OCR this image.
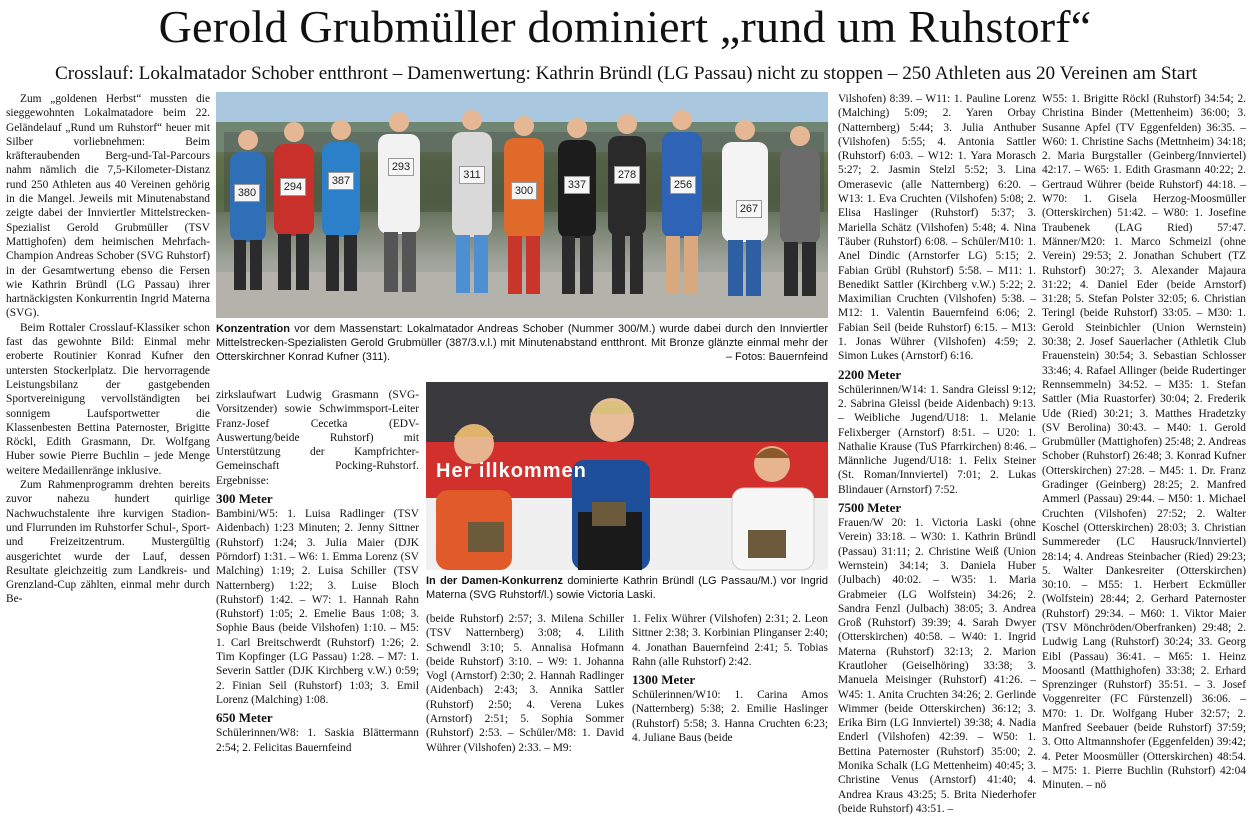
Gerold Grubmüller dominiert „rund um Ruhstorf“
Crosslauf: Lokalmatador Schober entthront – Damenwertung: Kathrin Bründl (LG Passau) nicht zu stoppen – 250 Athleten aus 20 Vereinen am Start

Zum „goldenen Herbst“ mussten die sieggewohnten Lokalmatadore beim 22. Geländelauf „Rund um Ruhstorf“ heuer mit Silber vorliebnehmen: Beim kräfteraubenden Berg-und-Tal-Parcours nahm nämlich die 7,5-Kilometer-Distanz rund 250 Athleten aus 40 Vereinen gehörig in die Mangel. Jeweils mit Minutenabstand zeigte dabei der Innviertler Mittelstrecken-Spezialist Gerold Grubmüller (TSV Mattighofen) dem heimischen Mehrfach-Champion Andreas Schober (SVG Ruhstorf) in der Gesamtwertung ebenso die Fersen wie Kathrin Bründl (LG Passau) ihrer hartnäckigsten Konkurrentin Ingrid Materna (SVG).

Beim Rottaler Crosslauf-Klassiker schon fast das gewohnte Bild: Einmal mehr eroberte Routinier Konrad Kufner den untersten Stockerlplatz. Die hervorragende Leistungsbilanz der gastgebenden Sportvereinigung vervollständigten bei sonnigem Laufsportwetter die Klassenbesten Bettina Paternoster, Brigitte Röckl, Edith Grasmann, Dr. Wolfgang Huber sowie Pierre Buchlin – jede Menge weitere Medaillenränge inklusive.

Zum Rahmenprogramm drehten bereits zuvor nahezu hundert quirlige Nachwuchstalente ihre kurvigen Stadion- und Flurrunden im Ruhstorfer Schul-, Sport- und Freizeitzentrum. Mustergültig ausgerichtet wurde der Lauf, dessen Resultate gleichzeitig zum Landkreis- und Grenzland-Cup zählten, einmal mehr durch Be-

380	294	387
293
311
300	337
278
256
267
Konzentration vor dem Massenstart: Lokalmatador Andreas Schober (Nummer 300/M.) wurde dabei durch den Innviertler Mittelstrecken-Spezialisten Gerold Grubmüller (387/3.v.l.) mit Minutenabstand entthront. Mit Bronze glänzte einmal mehr der Otterskirchner Konrad Kufner (311).	– Fotos: Bauernfeind

zirkslaufwart Ludwig Grasmann (SVG-Vorsitzender) sowie Schwimmsport-Leiter Franz-Josef Cecetka (EDV-Auswertung/beide Ruhstorf) mit Unterstützung der Kampfrichter-Gemeinschaft Pocking-Ruhstorf. Ergebnisse:

300 Meter

Bambini/W5: 1. Luisa Radlinger (TSV Aidenbach) 1:23 Minuten; 2. Jenny Sittner (Ruhstorf) 1:24; 3. Julia Maier (DJK Pörndorf) 1:31. – W6: 1. Emma Lorenz (SV Malching) 1:19; 2. Luisa Schiller (TSV Natternberg) 1:22; 3. Luise Bloch (Ruhstorf) 1:42. – W7: 1. Hannah Rahn (Ruhstorf) 1:05; 2. Emelie Baus 1:08; 3. Sophie Baus (beide Vilshofen) 1:10. – M5: 1. Carl Breitschwerdt (Ruhstorf) 1:26; 2. Tim Kopfinger (LG Passau) 1:28. – M7: 1. Severin Sattler (DJK Kirchberg v.W.) 0:59; 2. Finian Seil (Ruhstorf) 1:03; 3. Emil Lorenz (Malching) 1:08.

650 Meter

Schülerinnen/W8: 1. Saskia Blättermann 2:54; 2. Felicitas Bauernfeind

Her illkommen
In der Damen-Konkurrenz dominierte Kathrin Bründl (LG Passau/M.) vor Ingrid Materna (SVG Ruhstorf/l.) sowie Victoria Laski.

(beide Ruhstorf) 2:57; 3. Milena Schiller (TSV Natternberg) 3:08; 4. Lilith Schwendl 3:10; 5. Annalisa Hofmann (beide Ruhstorf) 3:10. – W9: 1. Johanna Vogl (Arnstorf) 2:30; 2. Hannah Radlinger (Aidenbach) 2:43; 3. Annika Sattler (Ruhstorf) 2:50; 4. Verena Lukes (Arnstorf) 2:51; 5. Sophia Sommer (Ruhstorf) 2:53. – Schüler/M8: 1. David Wührer (Vilshofen) 2:33. – M9:

1. Felix Wührer (Vilshofen) 2:31; 2. Leon Sittner 2:38; 3. Korbinian Plinganser 2:40; 4. Jonathan Bauernfeind 2:41; 5. Tobias Rahn (alle Ruhstorf) 2:42.

1300 Meter

Schülerinnen/W10: 1. Carina Amos (Natternberg) 5:38; 2. Emilie Haslinger (Ruhstorf) 5:58; 3. Hanna Cruchten 6:23; 4. Juliane Baus (beide

Vilshofen) 8:39. – W11: 1. Pauline Lorenz (Malching) 5:09; 2. Yaren Orbay (Natternberg) 5:44; 3. Julia Anthuber (Vilshofen) 5:55; 4. Antonia Sattler (Ruhstorf) 6:03. – W12: 1. Yara Morasch 5:27; 2. Jasmin Stelzl 5:52; 3. Lina Omerasevic (alle Natternberg) 6:20. – W13: 1. Eva Cruchten (Vilshofen) 5:08; 2. Elisa Haslinger (Ruhstorf) 5:37; 3. Mariella Schätz (Vilshofen) 5:48; 4. Nina Täuber (Ruhstorf) 6:08. – Schüler/M10: 1. Anel Dindic (Arnstorfer LG) 5:15; 2. Fabian Grübl (Ruhstorf) 5:58. – M11: 1. Benedikt Sattler (Kirchberg v.W.) 5:22; 2. Maximilian Cruchten (Vilshofen) 5:38. – M12: 1. Valentin Bauernfeind 6:06; 2. Fabian Seil (beide Ruhstorf) 6:15. – M13: 1. Jonas Wührer (Vilshofen) 4:59; 2. Simon Lukes (Arnstorf) 6:16.

2200 Meter

Schülerinnen/W14: 1. Sandra Gleissl 9:12; 2. Sabrina Gleissl (beide Aidenbach) 9:13. – Weibliche Jugend/U18: 1. Melanie Felixberger (Arnstorf) 8:51. – U20: 1. Nathalie Krause (TuS Pfarrkirchen) 8:46. – Männliche Jugend/U18: 1. Felix Steiner (St. Roman/Innviertel) 7:01; 2. Lukas Blindauer (Arnstorf) 7:52.

7500 Meter

Frauen/W 20: 1. Victoria Laski (ohne Verein) 33:18. – W30: 1. Kathrin Bründl (Passau) 31:11; 2. Christine Weiß (Union Wernstein) 34:14; 3. Daniela Huber (Julbach) 40:02. – W35: 1. Maria Grabmeier (LG Wolfstein) 34:26; 2. Sandra Fenzl (Julbach) 38:05; 3. Andrea Groß (Ruhstorf) 39:39; 4. Sarah Dwyer (Otterskirchen) 40:58. – W40: 1. Ingrid Materna (Ruhstorf) 32:13; 2. Marion Krautloher (Geiselhöring) 33:38; 3. Manuela Meisinger (Ruhstorf) 41:26. – W45: 1. Anita Cruchten 34:26; 2. Gerlinde Wimmer (beide Otterskirchen) 36:12; 3. Erika Birn (LG Innviertel) 39:38; 4. Nadia Enderl (Vilshofen) 42:39. – W50: 1. Bettina Paternoster (Ruhstorf) 35:00; 2. Monika Schalk (LG Mettenheim) 40:45; 3. Christine Venus (Arnstorf) 41:40; 4. Andrea Kraus 43:25; 5. Brita Niederhofer (beide Ruhstorf) 43:51. –

W55: 1. Brigitte Röckl (Ruhstorf) 34:54; 2. Christina Binder (Mettenheim) 36:00; 3. Susanne Apfel (TV Eggenfelden) 36:35. – W60: 1. Christine Sachs (Mettnheim) 34:18; 2. Maria Burgstaller (Geinberg/Innviertel) 42:17. – W65: 1. Edith Grasmann 40:22; 2. Gertraud Wührer (beide Ruhstorf) 44:18. – W70: 1. Gisela Herzog-Moosmüller (Otterskirchen) 51:42. – W80: 1. Josefine Traubenek (LAG Ried) 57:47. Männer/M20: 1. Marco Schmeizl (ohne Verein) 29:53; 2. Jonathan Schubert (TZ Ruhstorf) 30:27; 3. Alexander Majaura 31:22; 4. Daniel Eder (beide Arnstorf) 31:28; 5. Stefan Polster 32:05; 6. Christian Teringl (beide Ruhstorf) 33:05. – M30: 1. Gerold Steinbichler (Union Wernstein) 30:38; 2. Josef Sauerlacher (Athletik Club Frauenstein) 30:54; 3. Sebastian Schlosser 33:46; 4. Rafael Allinger (beide Rudertinger Rennsemmeln) 34:52. – M35: 1. Stefan Sattler (Mia Ruastorfer) 30:04; 2. Frederik Ude (Ried) 30:21; 3. Matthes Hradetzky (SV Berolina) 30:43. – M40: 1. Gerold Grubmüller (Mattighofen) 25:48; 2. Andreas Schober (Ruhstorf) 26:48; 3. Konrad Kufner (Otterskirchen) 27:28. – M45: 1. Dr. Franz Gradinger (Geinberg) 28:25; 2. Manfred Ammerl (Passau) 29:44. – M50: 1. Michael Cruchten (Vilshofen) 27:52; 2. Walter Koschel (Otterskirchen) 28:03; 3. Christian Summereder (LC Hausruck/Innviertel) 28:14; 4. Andreas Steinbacher (Ried) 29:23; 5. Walter Dankesreiter (Otterskirchen) 30:10. – M55: 1. Herbert Eckmüller (Wolfstein) 28:44; 2. Gerhard Paternoster (Ruhstorf) 29:34. – M60: 1. Viktor Maier (TSV Mönchröden/Oberfranken) 29:48; 2. Ludwig Lang (Ruhstorf) 30:24; 33. Georg Eibl (Passau) 36:41. – M65: 1. Heinz Moosantl (Matthighofen) 33:38; 2. Erhard Sprenzinger (Ruhstorf) 35:51. – 3. Josef Voggenreiter (FC Fürstenzell) 36:06. – M70: 1. Dr. Wolfgang Huber 32:57; 2. Manfred Seebauer (beide Ruhstorf) 37:59; 3. Otto Altmannshofer (Eggenfelden) 39:42; 4. Peter Moosmüller (Otterskirchen) 48:54. – M75: 1. Pierre Buchlin (Ruhstorf) 42:04 Minuten. – nö
